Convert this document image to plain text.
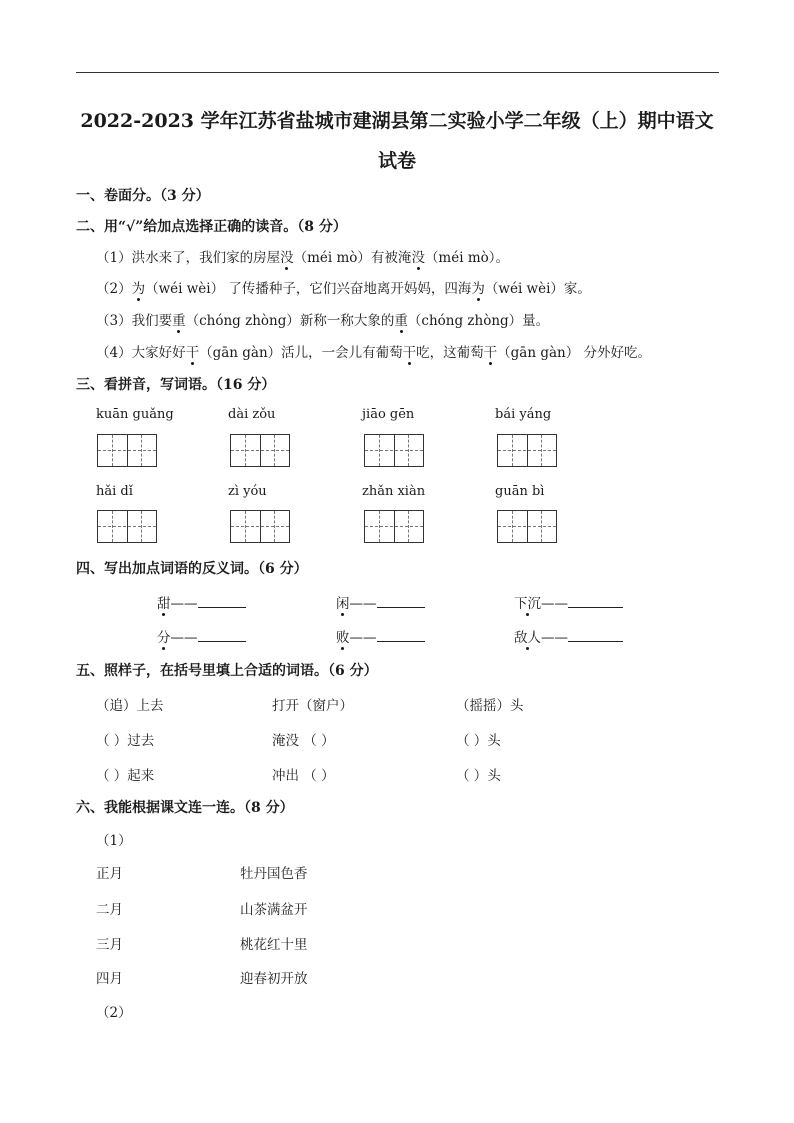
2022-2023 学年江苏省盐城市建湖县第二实验小学二年级（上）期中语文
试卷
一、卷面分。（3 分）
二、用“√”给加点选择正确的读音。（8 分）
（1）洪水来了，我们家的房屋没（méi mò）有被淹没（méi mò）。
（2）为（wéi wèi） 了传播种子，它们兴奋地离开妈妈，四海为（wéi wèi）家。
（3）我们要重（chóng zhòng）新称一称大象的重（chóng zhòng）量。
（4）大家好好干（gān gàn）活儿，一会儿有葡萄干吃，这葡萄干（gān gàn） 分外好吃。
三、看拼音，写词语。（16 分）
kuān guǎng	dài zǒu	jiāo gēn	bái yáng
hǎi dǐ	zì yóu	zhǎn xiàn	guān bì
四、写出加点词语的反义词。（6 分）
甜——	闲——	下沉——
分——	败——	敌人——
五、照样子，在括号里填上合适的词语。（6 分）
（追）上去	打开（窗户）	（摇摇）头
（ ）过去	淹没 （ ）	（ ）头
（ ）起来	冲出 （ ）	（ ）头
六、我能根据课文连一连。（8 分）
（1）
正月	牡丹国色香
二月	山茶满盆开
三月	桃花红十里
四月	迎春初开放
（2）
